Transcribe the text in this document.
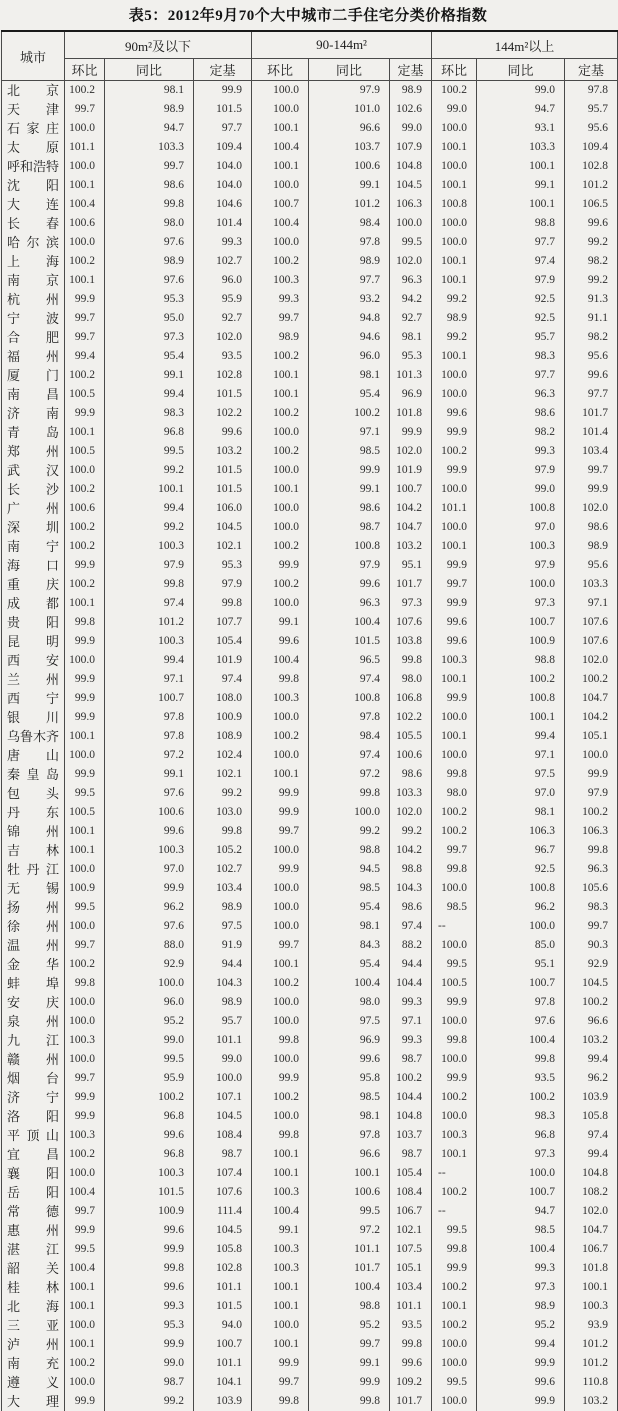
表5：2012年9月70个大中城市二手住宅分类价格指数
城市	90m²及以下			90-144m²			144m²以上		
	环比	同比	定基	环比	同比	定基	环比	同比	定基
北京	100.2	98.1	99.9	100.0	97.9	98.9	100.2	99.0	97.8
天津	99.7	98.9	101.5	100.0	101.0	102.6	99.0	94.7	95.7
石家庄	100.0	94.7	97.7	100.1	96.6	99.0	100.0	93.1	95.6
太原	101.1	103.3	109.4	100.4	103.7	107.9	100.1	103.3	109.4
呼和浩特	100.0	99.7	104.0	100.1	100.6	104.8	100.0	100.1	102.8
沈阳	100.1	98.6	104.0	100.0	99.1	104.5	100.1	99.1	101.2
大连	100.4	99.8	104.6	100.7	101.2	106.3	100.8	100.1	106.5
长春	100.6	98.0	101.4	100.4	98.4	100.0	100.0	98.8	99.6
哈尔滨	100.0	97.6	99.3	100.0	97.8	99.5	100.0	97.7	99.2
上海	100.2	98.9	102.7	100.2	98.9	102.0	100.1	97.4	98.2
南京	100.1	97.6	96.0	100.3	97.7	96.3	100.1	97.9	99.2
杭州	99.9	95.3	95.9	99.3	93.2	94.2	99.2	92.5	91.3
宁波	99.7	95.0	92.7	99.7	94.8	92.7	98.9	92.5	91.1
合肥	99.7	97.3	102.0	98.9	94.6	98.1	99.2	95.7	98.2
福州	99.4	95.4	93.5	100.2	96.0	95.3	100.1	98.3	95.6
厦门	100.2	99.1	102.8	100.1	98.1	101.3	100.0	97.7	99.6
南昌	100.5	99.4	101.5	100.1	95.4	96.9	100.0	96.3	97.7
济南	99.9	98.3	102.2	100.2	100.2	101.8	99.6	98.6	101.7
青岛	100.1	96.8	99.6	100.0	97.1	99.9	99.9	98.2	101.4
郑州	100.5	99.5	103.2	100.2	98.5	102.0	100.2	99.3	103.4
武汉	100.0	99.2	101.5	100.0	99.9	101.9	99.9	97.9	99.7
长沙	100.2	100.1	101.5	100.1	99.1	100.7	100.0	99.0	99.9
广州	100.6	99.4	106.0	100.0	98.6	104.2	101.1	100.8	102.0
深圳	100.2	99.2	104.5	100.0	98.7	104.7	100.0	97.0	98.6
南宁	100.2	100.3	102.1	100.2	100.8	103.2	100.1	100.3	98.9
海口	99.9	97.9	95.3	99.9	97.9	95.1	99.9	97.9	95.6
重庆	100.2	99.8	97.9	100.2	99.6	101.7	99.7	100.0	103.3
成都	100.1	97.4	99.8	100.0	96.3	97.3	99.9	97.3	97.1
贵阳	99.8	101.2	107.7	99.1	100.4	107.6	99.6	100.7	107.6
昆明	99.9	100.3	105.4	99.6	101.5	103.8	99.6	100.9	107.6
西安	100.0	99.4	101.9	100.4	96.5	99.8	100.3	98.8	102.0
兰州	99.9	97.1	97.4	99.8	97.4	98.0	100.1	100.2	100.2
西宁	99.9	100.7	108.0	100.3	100.8	106.8	99.9	100.8	104.7
银川	99.9	97.8	100.9	100.0	97.8	102.2	100.0	100.1	104.2
乌鲁木齐	100.1	97.8	108.9	100.2	98.4	105.5	100.1	99.4	105.1
唐山	100.0	97.2	102.4	100.0	97.4	100.6	100.0	97.1	100.0
秦皇岛	99.9	99.1	102.1	100.1	97.2	98.6	99.8	97.5	99.9
包头	99.5	97.6	99.2	99.9	99.8	103.3	98.0	97.0	97.9
丹东	100.5	100.6	103.0	99.9	100.0	102.0	100.2	98.1	100.2
锦州	100.1	99.6	99.8	99.7	99.2	99.2	100.2	106.3	106.3
吉林	100.1	100.3	105.2	100.0	98.8	104.2	99.7	96.7	99.8
牡丹江	100.0	97.0	102.7	99.9	94.5	98.8	99.8	92.5	96.3
无锡	100.9	99.9	103.4	100.0	98.5	104.3	100.0	100.8	105.6
扬州	99.5	96.2	98.9	100.0	95.4	98.6	98.5	96.2	98.3
徐州	100.0	97.6	97.5	100.0	98.1	97.4	--	100.0	99.7
温州	99.7	88.0	91.9	99.7	84.3	88.2	100.0	85.0	90.3
金华	100.2	92.9	94.4	100.1	95.4	94.4	99.5	95.1	92.9
蚌埠	99.8	100.0	104.3	100.2	100.4	104.4	100.5	100.7	104.5
安庆	100.0	96.0	98.9	100.0	98.0	99.3	99.9	97.8	100.2
泉州	100.0	95.2	95.7	100.0	97.5	97.1	100.0	97.6	96.6
九江	100.3	99.0	101.1	99.8	96.9	99.3	99.8	100.4	103.2
赣州	100.0	99.5	99.0	100.0	99.6	98.7	100.0	99.8	99.4
烟台	99.7	95.9	100.0	99.9	95.8	100.2	99.9	93.5	96.2
济宁	99.9	100.2	107.1	100.2	98.5	104.4	100.2	100.2	103.9
洛阳	99.9	96.8	104.5	100.0	98.1	104.8	100.0	98.3	105.8
平顶山	100.3	99.6	108.4	99.8	97.8	103.7	100.3	96.8	97.4
宜昌	100.2	96.8	98.7	100.1	96.6	98.7	100.1	97.3	99.4
襄阳	100.0	100.3	107.4	100.1	100.1	105.4	--	100.0	104.8
岳阳	100.4	101.5	107.6	100.3	100.6	108.4	100.2	100.7	108.2
常德	99.7	100.9	111.4	100.4	99.5	106.7	--	94.7	102.0
惠州	99.9	99.6	104.5	99.1	97.2	102.1	99.5	98.5	104.7
湛江	99.5	99.9	105.8	100.3	101.1	107.5	99.8	100.4	106.7
韶关	100.4	99.8	102.8	100.3	101.7	105.1	99.9	99.3	101.8
桂林	100.1	99.6	101.1	100.1	100.4	103.4	100.2	97.3	100.1
北海	100.1	99.3	101.5	100.1	98.8	101.1	100.1	98.9	100.3
三亚	100.0	95.3	94.0	100.0	95.2	93.5	100.2	95.2	93.9
泸州	100.1	99.9	100.7	100.1	99.7	99.8	100.0	99.4	101.2
南充	100.2	99.0	101.1	99.9	99.1	99.6	100.0	99.9	101.2
遵义	100.0	98.7	104.1	99.7	99.9	109.2	99.5	99.6	110.8
大理	99.9	99.2	103.9	99.8	99.8	101.7	100.0	99.9	103.2
